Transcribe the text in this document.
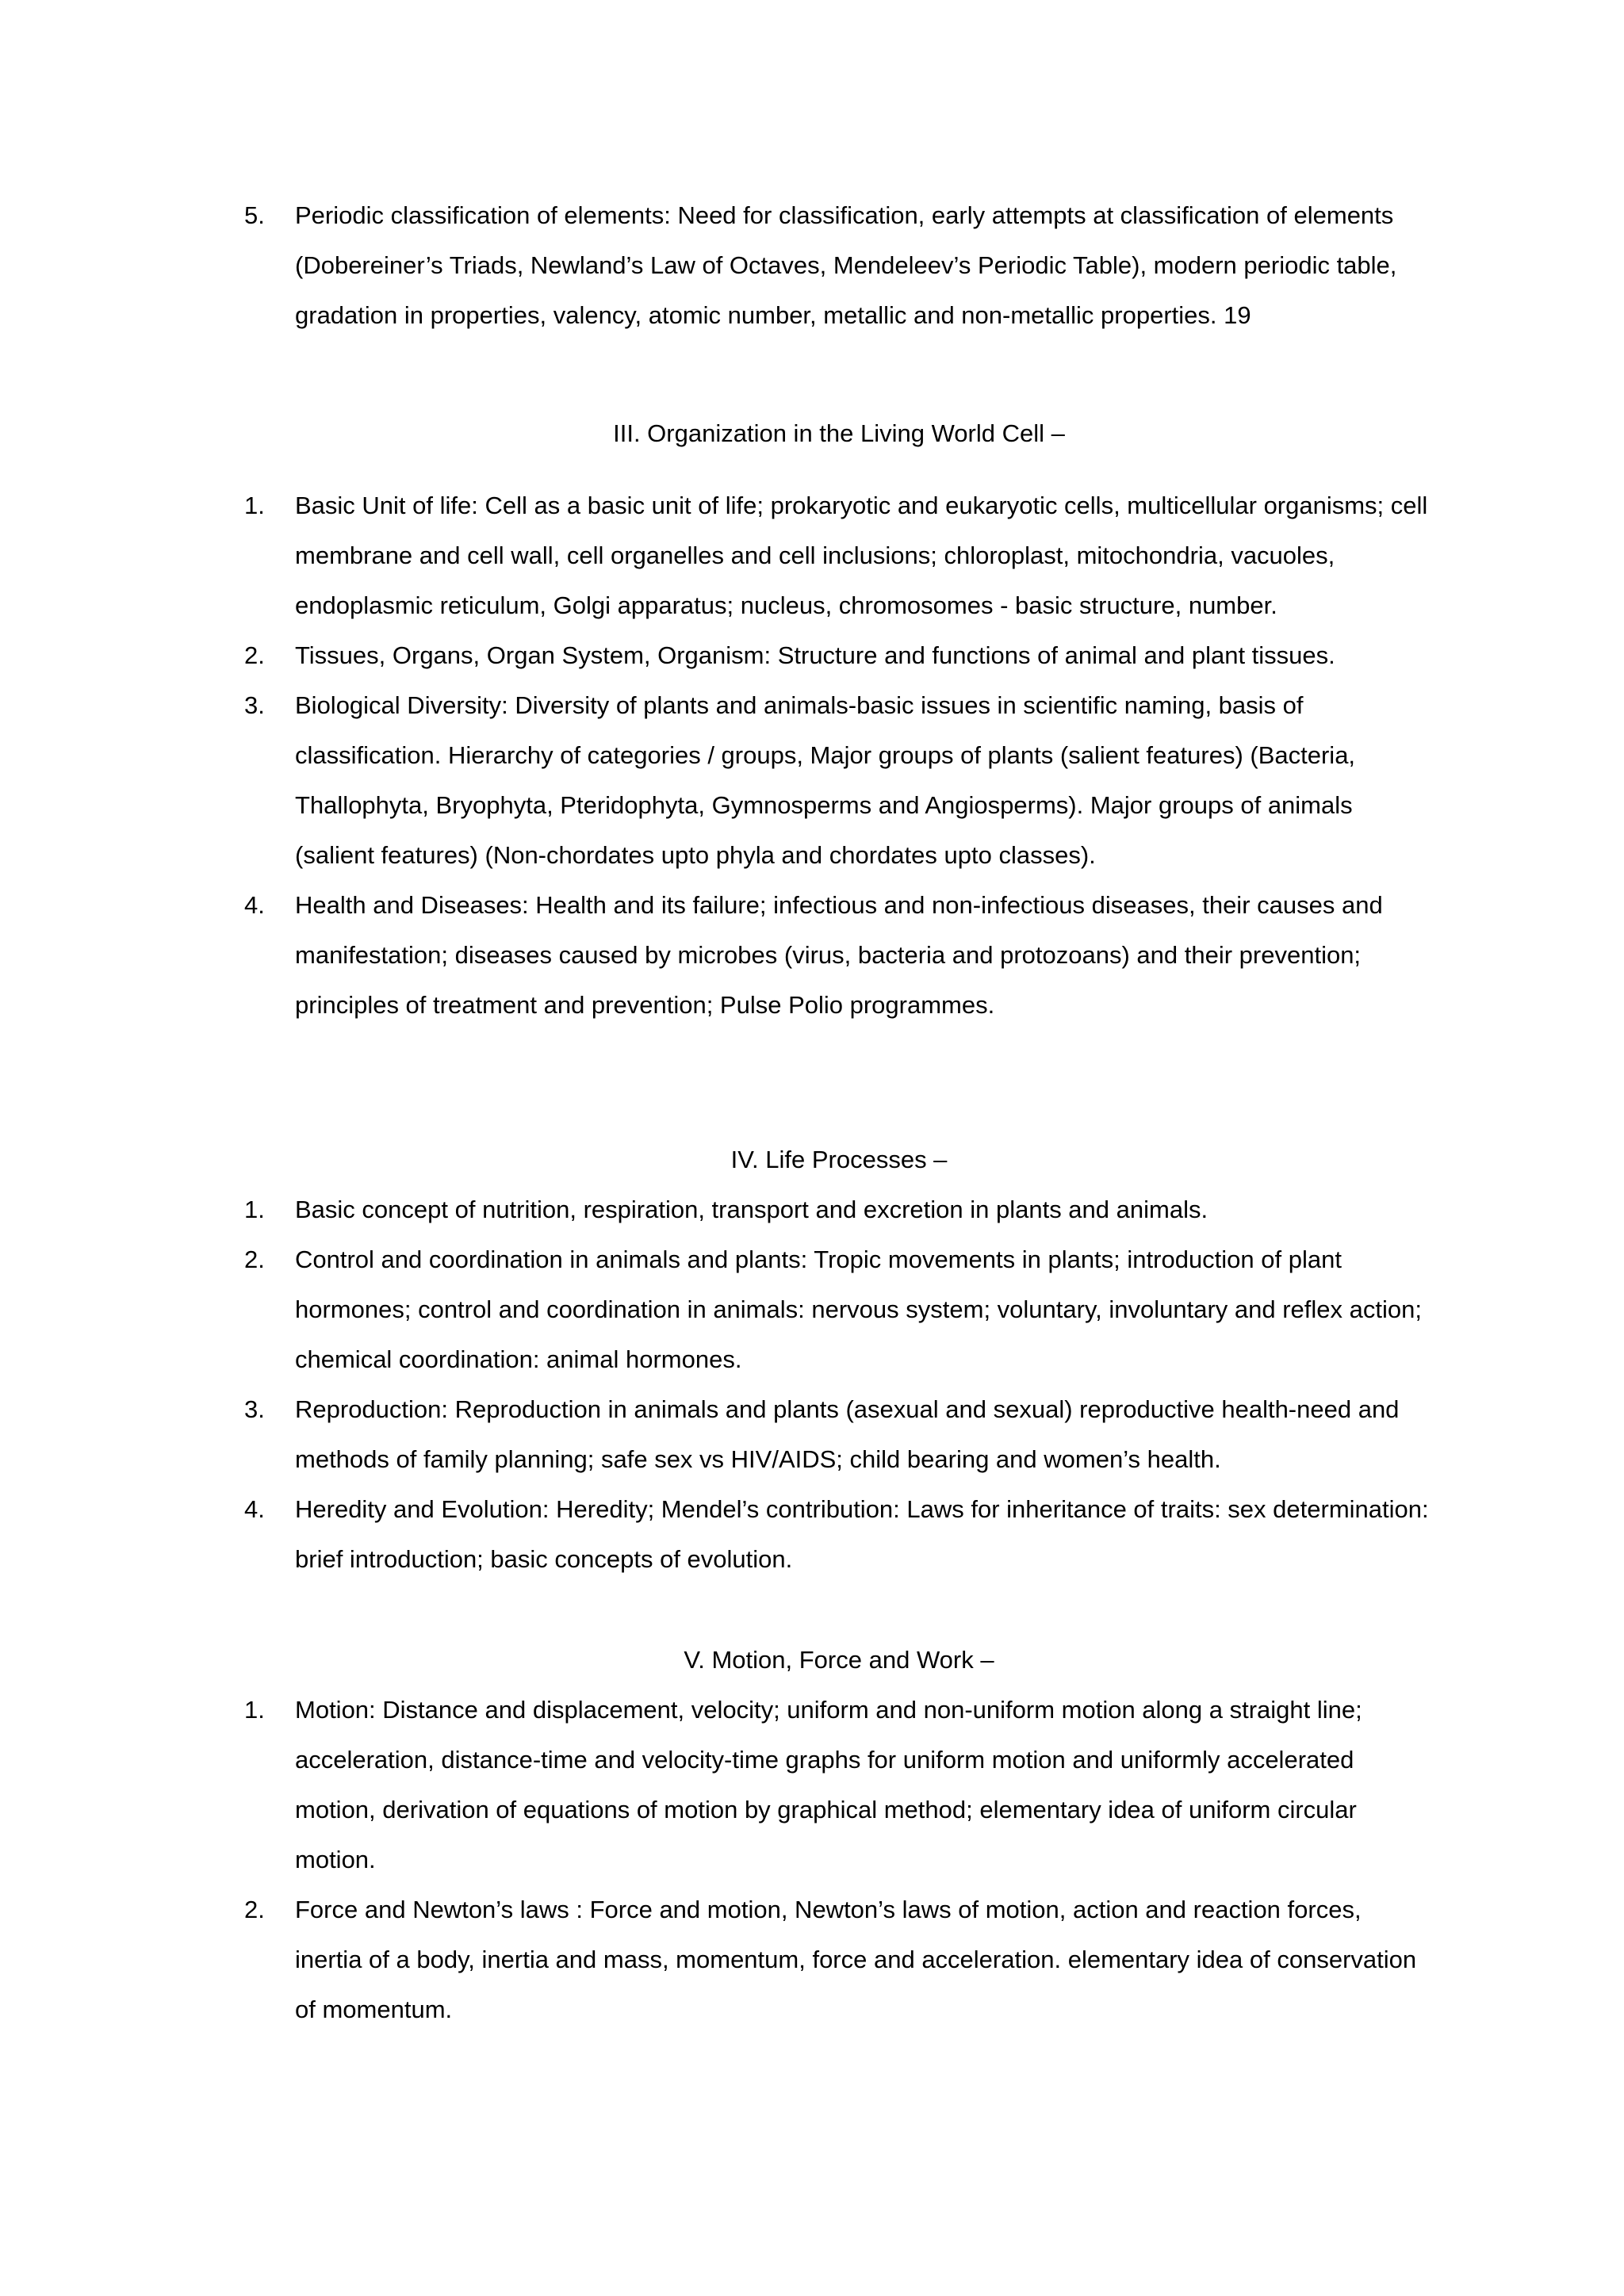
5. Periodic classification of elements: Need for classification, early attempts at classification of elements (Dobereiner’s Triads, Newland’s Law of Octaves, Mendeleev’s Periodic Table), modern periodic table, gradation in properties, valency, atomic number, metallic and non-metallic properties. 19
III. Organization in the Living World Cell –
1. Basic Unit of life: Cell as a basic unit of life; prokaryotic and eukaryotic cells, multicellular organisms; cell membrane and cell wall, cell organelles and cell inclusions; chloroplast, mitochondria, vacuoles, endoplasmic reticulum, Golgi apparatus; nucleus, chromosomes - basic structure, number.
2. Tissues, Organs, Organ System, Organism: Structure and functions of animal and plant tissues.
3. Biological Diversity: Diversity of plants and animals-basic issues in scientific naming, basis of classification. Hierarchy of categories / groups, Major groups of plants (salient features) (Bacteria, Thallophyta, Bryophyta, Pteridophyta, Gymnosperms and Angiosperms). Major groups of animals (salient features) (Non-chordates upto phyla and chordates upto classes).
4. Health and Diseases: Health and its failure; infectious and non-infectious diseases, their causes and manifestation; diseases caused by microbes (virus, bacteria and protozoans) and their prevention; principles of treatment and prevention; Pulse Polio programmes.
IV. Life Processes –
1. Basic concept of nutrition, respiration, transport and excretion in plants and animals.
2. Control and coordination in animals and plants: Tropic movements in plants; introduction of plant hormones; control and coordination in animals: nervous system; voluntary, involuntary and reflex action; chemical coordination: animal hormones.
3. Reproduction: Reproduction in animals and plants (asexual and sexual) reproductive health-need and methods of family planning; safe sex vs HIV/AIDS; child bearing and women’s health.
4. Heredity and Evolution: Heredity; Mendel’s contribution: Laws for inheritance of traits: sex determination: brief introduction; basic concepts of evolution.
V. Motion, Force and Work –
1. Motion: Distance and displacement, velocity; uniform and non-uniform motion along a straight line; acceleration, distance-time and velocity-time graphs for uniform motion and uniformly accelerated motion, derivation of equations of motion by graphical method; elementary idea of uniform circular motion.
2. Force and Newton’s laws : Force and motion, Newton’s laws of motion, action and reaction forces, inertia of a body, inertia and mass, momentum, force and acceleration. elementary idea of conservation of momentum.
